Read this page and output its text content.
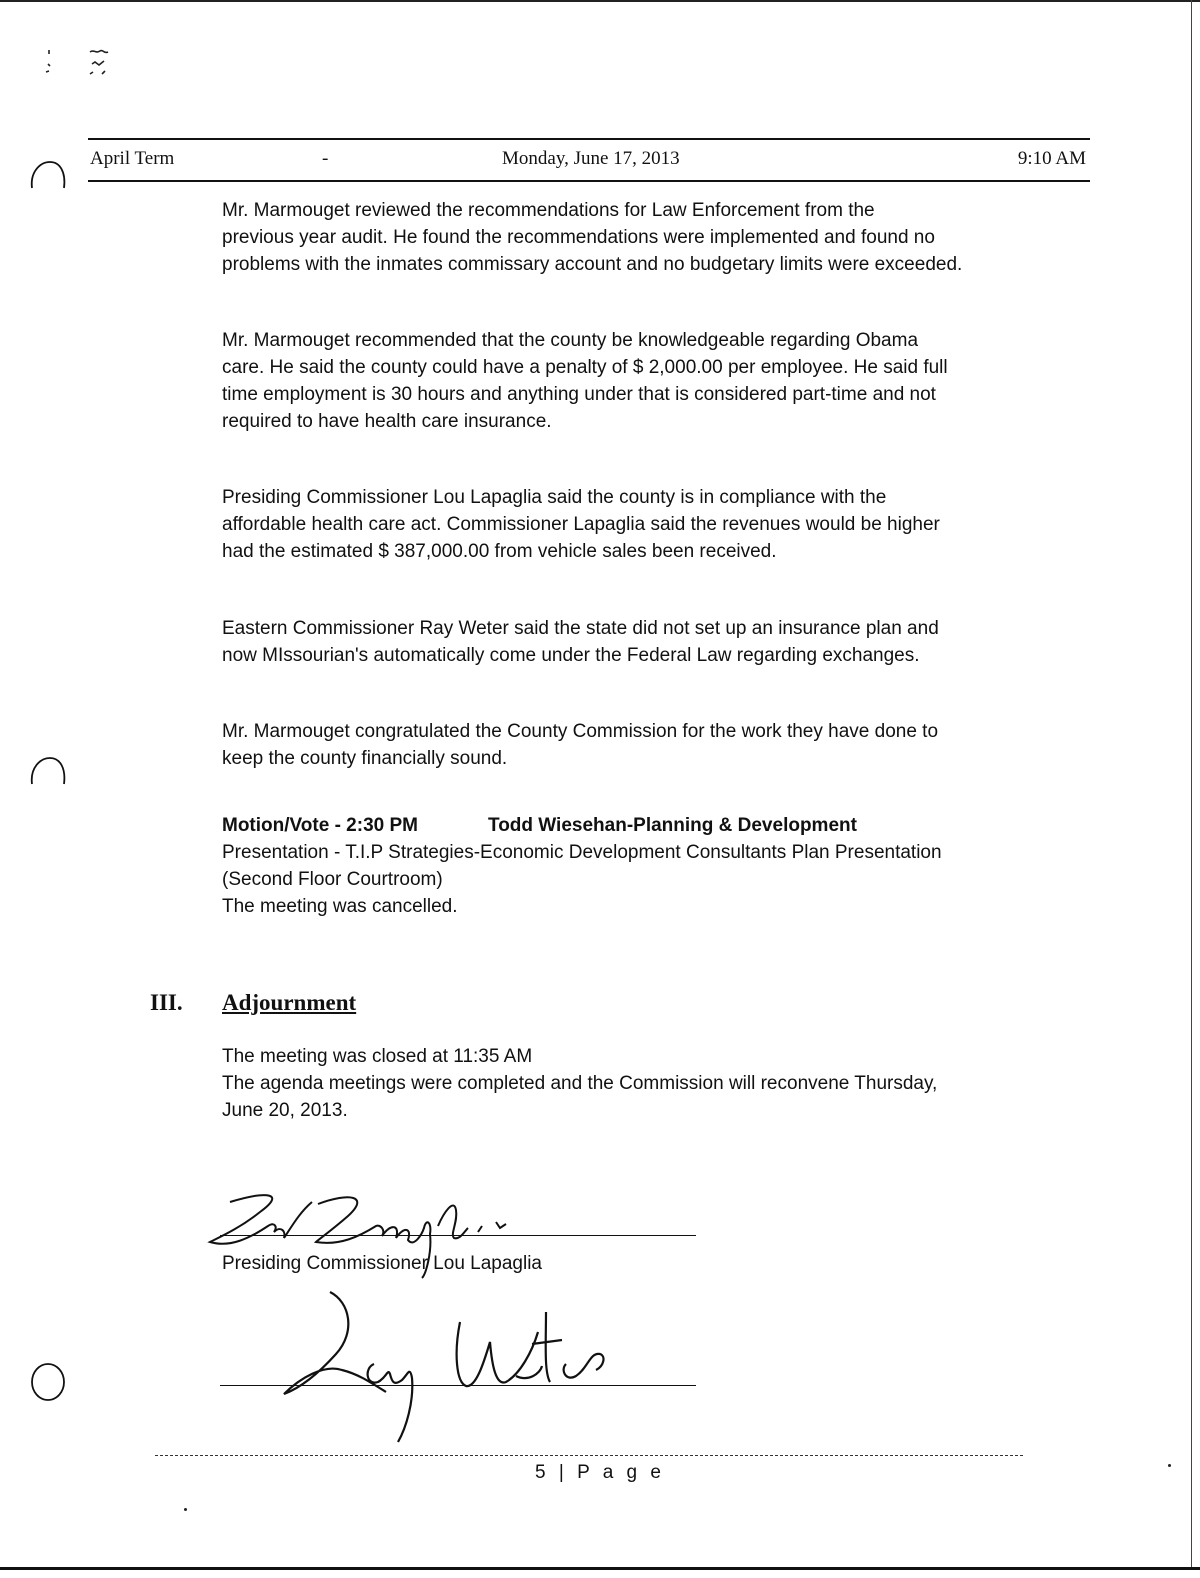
April Term	-	Monday, June 17, 2013	9:10 AM

Mr. Marmouget reviewed the recommendations for Law Enforcement from the
previous year audit. He found the recommendations were implemented and found no
problems with the inmates commissary account and no budgetary limits were exceeded.

Mr. Marmouget recommended that the county be knowledgeable regarding Obama
care. He said the county could have a penalty of $ 2,000.00 per employee. He said full
time employment is 30 hours and anything under that is considered part-time and not
required to have health care insurance.

Presiding Commissioner Lou Lapaglia said the county is in compliance with the
affordable health care act. Commissioner Lapaglia said the revenues would be higher
had the estimated $ 387,000.00 from vehicle sales been received.

Eastern Commissioner Ray Weter said the state did not set up an insurance plan and
now MIssourian's automatically come under the Federal Law regarding exchanges.

Mr. Marmouget congratulated the County Commission for the work they have done to
keep the county financially sound.

Motion/Vote - 2:30 PM	Todd Wiesehan-Planning & Development

Presentation - T.I.P Strategies-Economic Development Consultants Plan Presentation
(Second Floor Courtroom)
The meeting was cancelled.

III. Adjournment

The meeting was closed at 11:35 AM
The agenda meetings were completed and the Commission will reconvene Thursday,
June 20, 2013.

Presiding Commissioner Lou Lapaglia
5 | P a g e
